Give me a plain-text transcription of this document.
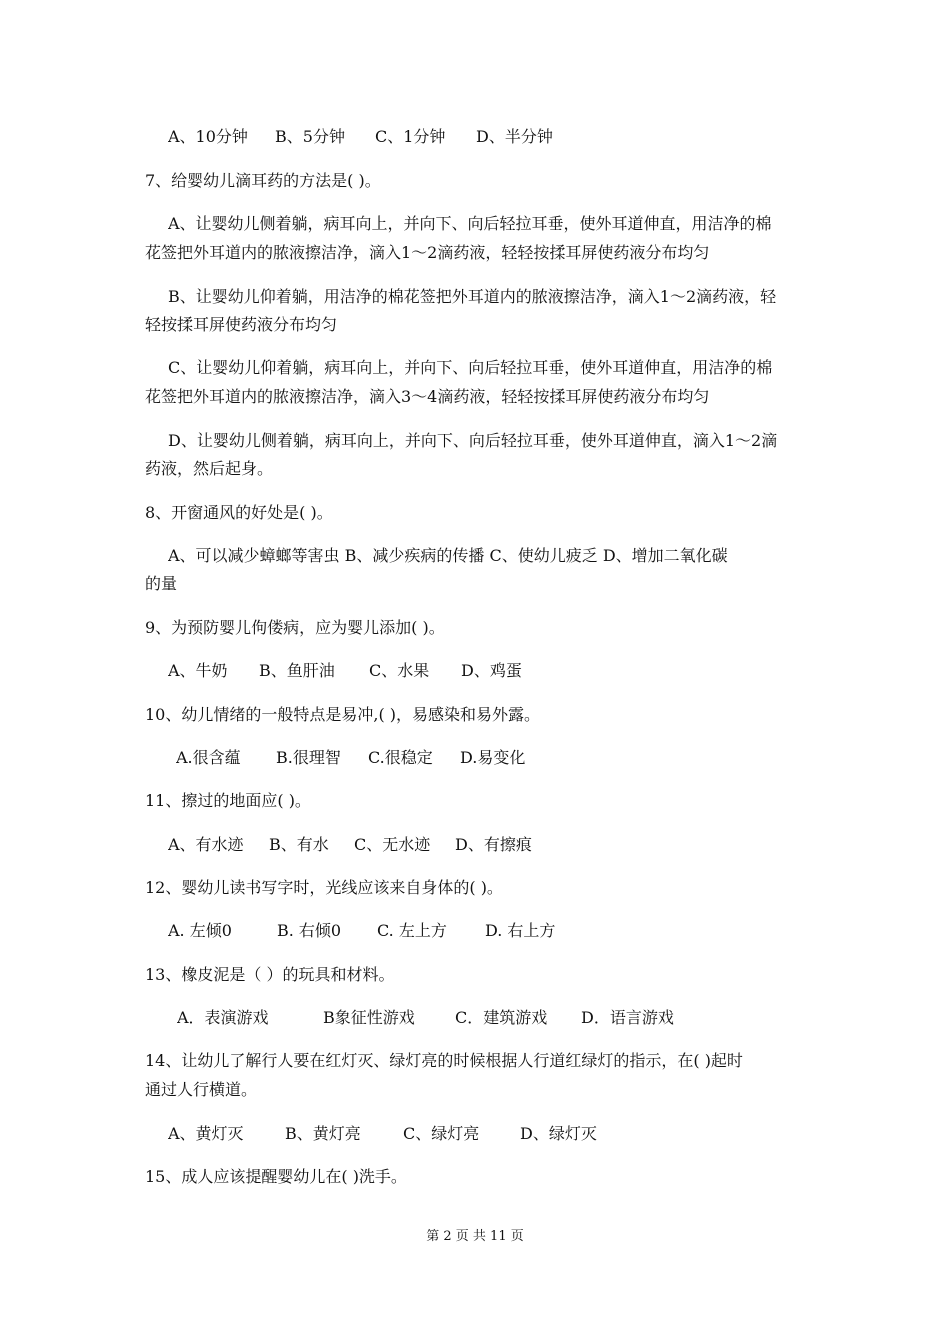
A、10分钟	B、5分钟	C、1分钟	D、半分钟
7、给婴幼儿滴耳药的方法是( )。
A、让婴幼儿侧着躺，病耳向上，并向下、向后轻拉耳垂，使外耳道伸直，用洁净的棉
花签把外耳道内的脓液擦洁净，滴入1～2滴药液，轻轻按揉耳屏使药液分布均匀
B、让婴幼儿仰着躺，用洁净的棉花签把外耳道内的脓液擦洁净，滴入1～2滴药液，轻
轻按揉耳屏使药液分布均匀
C、让婴幼儿仰着躺，病耳向上，并向下、向后轻拉耳垂，使外耳道伸直，用洁净的棉
花签把外耳道内的脓液擦洁净，滴入3～4滴药液，轻轻按揉耳屏使药液分布均匀
D、让婴幼儿侧着躺，病耳向上，并向下、向后轻拉耳垂，使外耳道伸直，滴入1～2滴
药液，然后起身。
8、开窗通风的好处是( )。
A、可以减少蟑螂等害虫 B、减少疾病的传播 C、使幼儿疲乏 D、增加二氧化碳
的量
9、为预防婴儿佝偻病，应为婴儿添加( )。
A、牛奶	B、鱼肝油	C、水果	D、鸡蛋
10、幼儿情绪的一般特点是易冲,( )，易感染和易外露。
A.很含蕴	B.很理智	C.很稳定	D.易变化
11、擦过的地面应( )。
A、有水迹	B、有水	C、无水迹	D、有擦痕
12、婴幼儿读书写字时，光线应该来自身体的( )。
A. 左倾0	B. 右倾0	C. 左上方	D. 右上方
13、橡皮泥是（ ）的玩具和材料。
A．表演游戏	B象征性游戏	C．建筑游戏	D．语言游戏
14、让幼儿了解行人要在红灯灭、绿灯亮的时候根据人行道红绿灯的指示，在( )起时
通过人行横道。
A、黄灯灭	B、黄灯亮	C、绿灯亮	D、绿灯灭
15、成人应该提醒婴幼儿在( )洗手。
第 2 页 共 11 页
